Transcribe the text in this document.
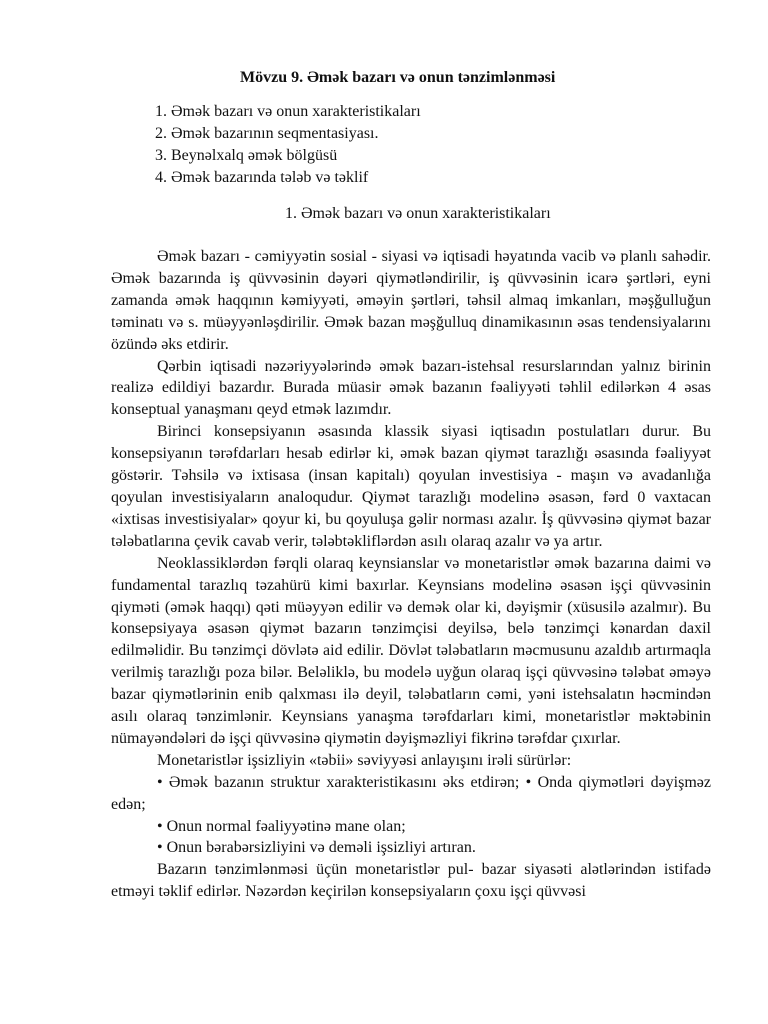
Mövzu 9. Əmək bazarı və onun tənzimlənməsi
1. Əmək bazarı və onun xarakteristikaları
2. Əmək bazarının seqmentasiyası.
3. Beynəlxalq əmək bölgüsü
4. Əmək bazarında tələb və təklif
1. Əmək bazarı və onun xarakteristikaları

Əmək bazarı - cəmiyyətin sosial - siyasi və iqtisadi həyatında vacib və planlı sahədir. Əmək bazarında iş qüvvəsinin dəyəri qiymətləndirilir, iş qüvvəsinin icarə şərtləri, eyni zamanda əmək haqqının kəmiyyəti, əməyin şərtləri, təhsil almaq imkanları, məşğulluğun təminatı və s. müəyyənləşdirilir. Əmək bazan məşğulluq dinamikasının əsas tendensiyalarını özündə əks etdirir.

Qərbin iqtisadi nəzəriyyələrində əmək bazarı-istehsal resurslarından yalnız birinin realizə edildiyi bazardır. Burada müasir əmək bazanın fəaliyyəti təhlil edilərkən 4 əsas konseptual yanaşmanı qeyd etmək lazımdır.

Birinci konsepsiyanın əsasında klassik siyasi iqtisadın postulatları durur. Bu konsepsiyanın tərəfdarları hesab edirlər ki, əmək bazan qiymət tarazlığı əsasında fəaliyyət göstərir. Təhsilə və ixtisasa (insan kapitalı) qoyulan investisiya - maşın və avadanlığa qoyulan investisiyaların analoqudur. Qiymət tarazlığı modelinə əsasən, fərd 0 vaxtacan «ixtisas investisiyalar» qoyur ki, bu qoyuluşa gəlir norması azalır. İş qüvvəsinə qiymət bazar tələbatlarına çevik cavab verir, tələbtəkliflərdən asılı olaraq azalır və ya artır.

Neoklassiklərdən fərqli olaraq keynsianslar və monetaristlər əmək bazarına daimi və fundamental tarazlıq təzahürü kimi baxırlar. Keynsians modelinə əsasən işçi qüvvəsinin qiyməti (əmək haqqı) qəti müəyyən edilir və demək olar ki, dəyişmir (xüsusilə azalmır). Bu konsepsiyaya əsasən qiymət bazarın tənzimçisi deyilsə, belə tənzimçi kənardan daxil edilməlidir. Bu tənzimçi dövlətə aid edilir. Dövlət tələbatların məcmusunu azaldıb artırmaqla verilmiş tarazlığı poza bilər. Beləliklə, bu modelə uyğun olaraq işçi qüvvəsinə tələbat əməyə bazar qiymətlərinin enib qalxması ilə deyil, tələbatların cəmi, yəni istehsalatın həcmindən asılı olaraq tənzimlənir. Keynsians yanaşma tərəfdarları kimi, monetaristlər məktəbinin nümayəndələri də işçi qüvvəsinə qiymətin dəyişməzliyi fikrinə tərəfdar çıxırlar.

Monetaristlər işsizliyin «təbii» səviyyəsi anlayışını irəli sürürlər:

• Əmək bazanın struktur xarakteristikasını əks etdirən; • Onda qiymətləri dəyişməz edən;

• Onun normal fəaliyyətinə mane olan;

• Onun bərabərsizliyini və deməli işsizliyi artıran.

Bazarın tənzimlənməsi üçün monetaristlər pul- bazar siyasəti alətlərindən istifadə etməyi təklif edirlər. Nəzərdən keçirilən konsepsiyaların çoxu işçi qüvvəsi
